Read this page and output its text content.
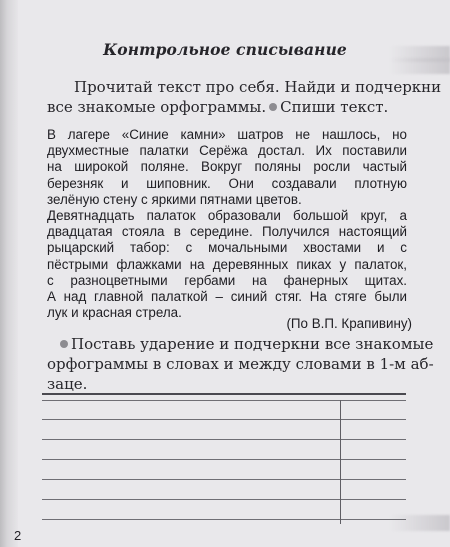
Контрольное списывание
Прочитай текст про себя. Найди и подчеркни
все знакомые орфограммы. Спиши текст.
В лагере «Синие камни» шатров не нашлось, но
двухместные палатки Серёжа достал. Их поставили
на широкой поляне. Вокруг поляны росли частый
березняк и шиповник. Они создавали плотную
зелёную стену с яркими пятнами цветов.
Девятнадцать палаток образовали большой круг, а
двадцатая стояла в середине. Получился настоящий
рыцарский табор: с мочальными хвостами и с
пёстрыми флажками на деревянных пиках у палаток,
с разноцветными гербами на фанерных щитах.
А над главной палаткой – синий стяг. На стяге были
лук и красная стрела.
(По В.П. Крапивину)
Поставь ударение и подчеркни все знакомые
орфограммы в словах и между словами в 1-м аб-
заце.
2
